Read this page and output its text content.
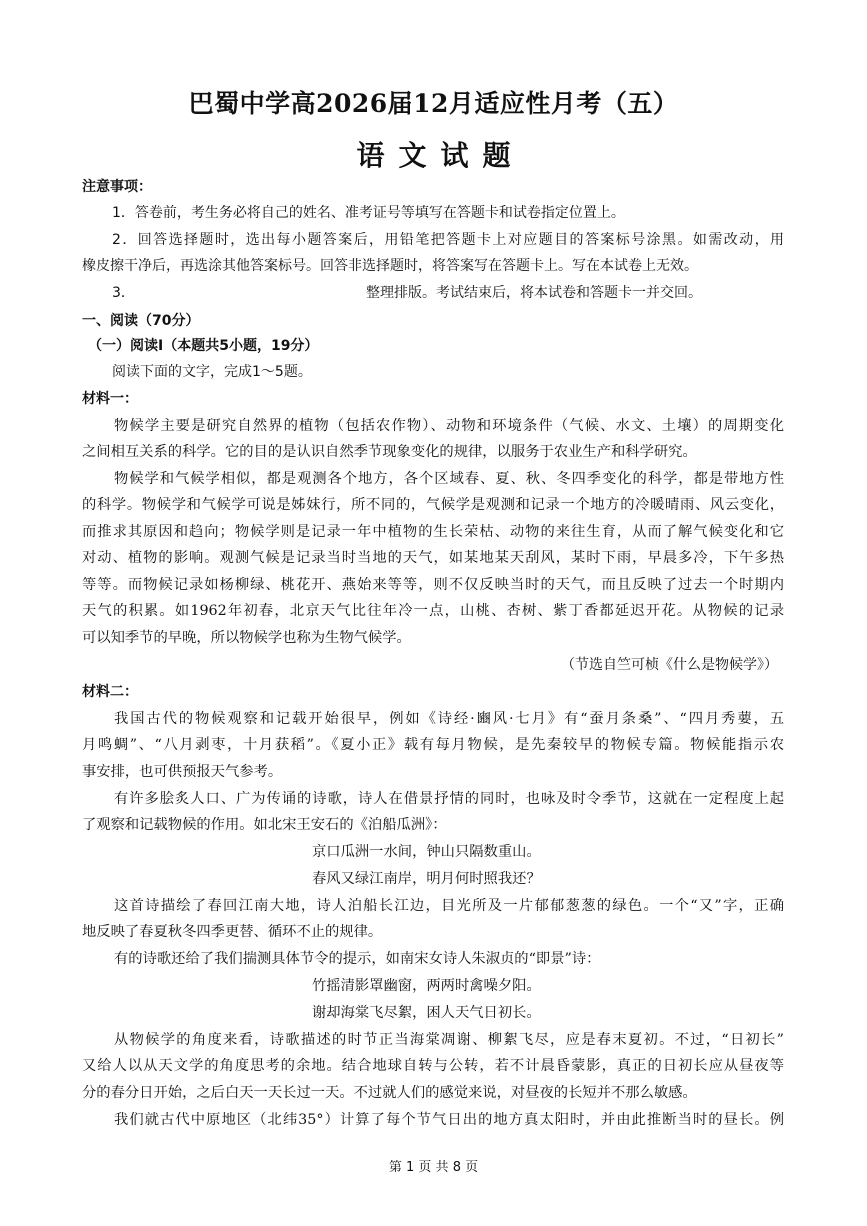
巴蜀中学高2026届12月适应性月考（五）
语文试题
注意事项：
1．答卷前，考生务必将自己的姓名、准考证号等填写在答题卡和试卷指定位置上。
2．回答选择题时，选出每小题答案后，用铅笔把答题卡上对应题目的答案标号涂黑。如需改动，用
橡皮擦干净后，再选涂其他答案标号。回答非选择题时，将答案写在答题卡上。写在本试卷上无效。
3．	整理排版。考试结束后，将本试卷和答题卡一并交回。
一、阅读（70分）
（一）阅读Ⅰ（本题共5小题，19分）
阅读下面的文字，完成1～5题。
材料一：
物候学主要是研究自然界的植物（包括农作物）、动物和环境条件（气候、水文、土壤）的周期变化
之间相互关系的科学。它的目的是认识自然季节现象变化的规律，以服务于农业生产和科学研究。
物候学和气候学相似，都是观测各个地方，各个区域春、夏、秋、冬四季变化的科学，都是带地方性
的科学。物候学和气候学可说是姊妹行，所不同的，气候学是观测和记录一个地方的冷暖晴雨、风云变化，
而推求其原因和趋向；物候学则是记录一年中植物的生长荣枯、动物的来往生育，从而了解气候变化和它
对动、植物的影响。观测气候是记录当时当地的天气，如某地某天刮风，某时下雨，早晨多冷，下午多热
等等。而物候记录如杨柳绿、桃花开、燕始来等等，则不仅反映当时的天气，而且反映了过去一个时期内
天气的积累。如1962年初春，北京天气比往年冷一点，山桃、杏树、紫丁香都延迟开花。从物候的记录
可以知季节的早晚，所以物候学也称为生物气候学。
（节选自竺可桢《什么是物候学》）
材料二：
我国古代的物候观察和记载开始很早，例如《诗经·豳风·七月》有“蚕月条桑”、“四月秀葽，五
月鸣蜩”、“八月剥枣，十月获稻”。《夏小正》载有每月物候，是先秦较早的物候专篇。物候能指示农
事安排，也可供预报天气参考。
有许多脍炙人口、广为传诵的诗歌，诗人在借景抒情的同时，也咏及时令季节，这就在一定程度上起
了观察和记载物候的作用。如北宋王安石的《泊船瓜洲》：
京口瓜洲一水间，钟山只隔数重山。
春风又绿江南岸，明月何时照我还？
这首诗描绘了春回江南大地，诗人泊船长江边，目光所及一片郁郁葱葱的绿色。一个“又”字，正确
地反映了春夏秋冬四季更替、循环不止的规律。
有的诗歌还给了我们揣测具体节令的提示，如南宋女诗人朱淑贞的“即景”诗：
竹摇清影罩幽窗，两两时禽噪夕阳。
谢却海棠飞尽絮，困人天气日初长。
从物候学的角度来看，诗歌描述的时节正当海棠凋谢、柳絮飞尽，应是春末夏初。不过，“日初长”
又给人以从天文学的角度思考的余地。结合地球自转与公转，若不计晨昏蒙影，真正的日初长应从昼夜等
分的春分日开始，之后白天一天长过一天。不过就人们的感觉来说，对昼夜的长短并不那么敏感。
我们就古代中原地区（北纬35°）计算了每个节气日出的地方真太阳时，并由此推断当时的昼长。例
第 1 页 共 8 页
